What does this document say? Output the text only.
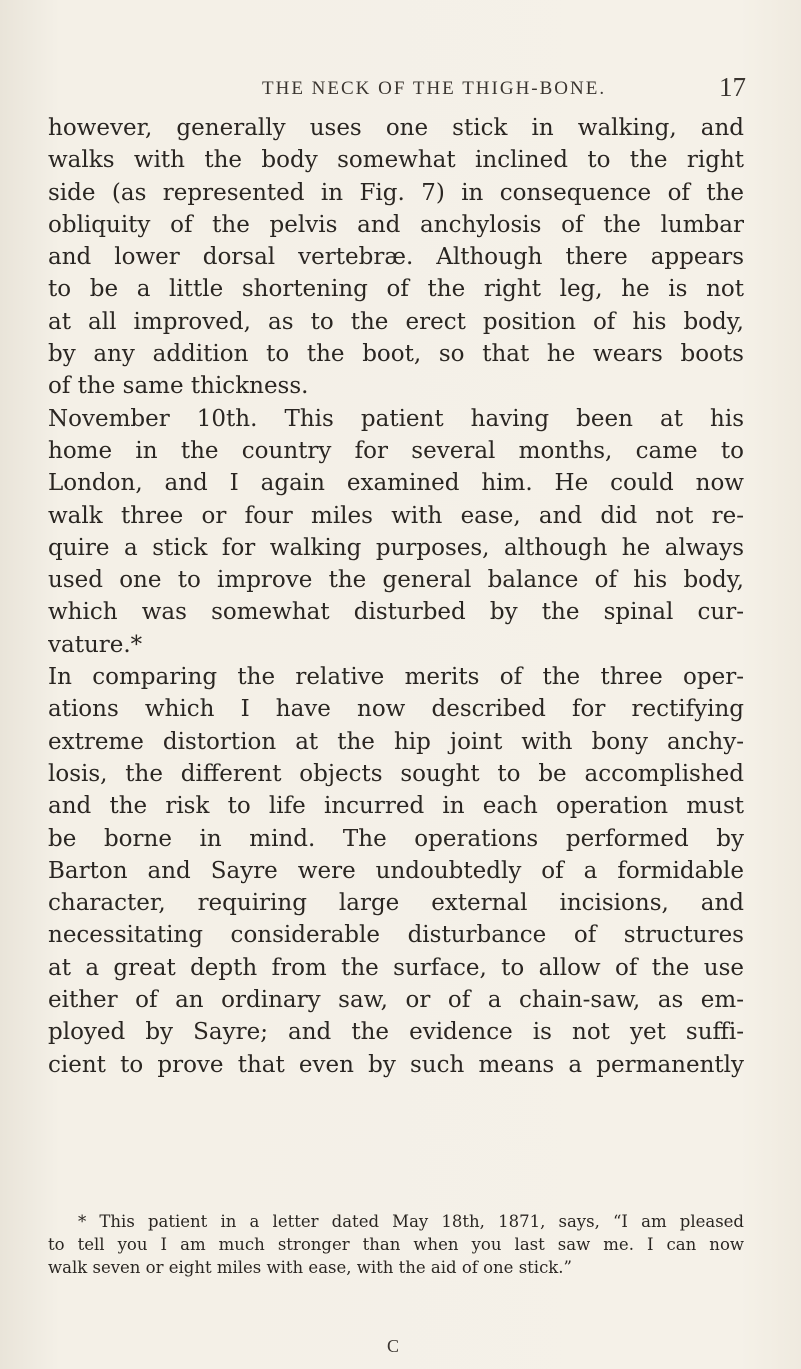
THE NECK OF THE THIGH-BONE.	17
however, generally uses one stick in walking, and
walks with the body somewhat inclined to the right
side (as represented in Fig. 7) in consequence of the
obliquity of the pelvis and anchylosis of the lumbar
and lower dorsal vertebræ. Although there appears
to be a little shortening of the right leg, he is not
at all improved, as to the erect position of his body,
by any addition to the boot, so that he wears boots
of the same thickness.
November 10th. This patient having been at his
home in the country for several months, came to
London, and I again examined him. He could now
walk three or four miles with ease, and did not re-
quire a stick for walking purposes, although he always
used one to improve the general balance of his body,
which was somewhat disturbed by the spinal cur-
vature.*
In comparing the relative merits of the three oper-
ations which I have now described for rectifying
extreme distortion at the hip joint with bony anchy-
losis, the different objects sought to be accomplished
and the risk to life incurred in each operation must
be borne in mind. The operations performed by
Barton and Sayre were undoubtedly of a formidable
character, requiring large external incisions, and
necessitating considerable disturbance of structures
at a great depth from the surface, to allow of the use
either of an ordinary saw, or of a chain-saw, as em-
ployed by Sayre; and the evidence is not yet suffi-
cient to prove that even by such means a permanently
* This patient in a letter dated May 18th, 1871, says, “I am pleased
to tell you I am much stronger than when you last saw me. I can now
walk seven or eight miles with ease, with the aid of one stick.”
C
